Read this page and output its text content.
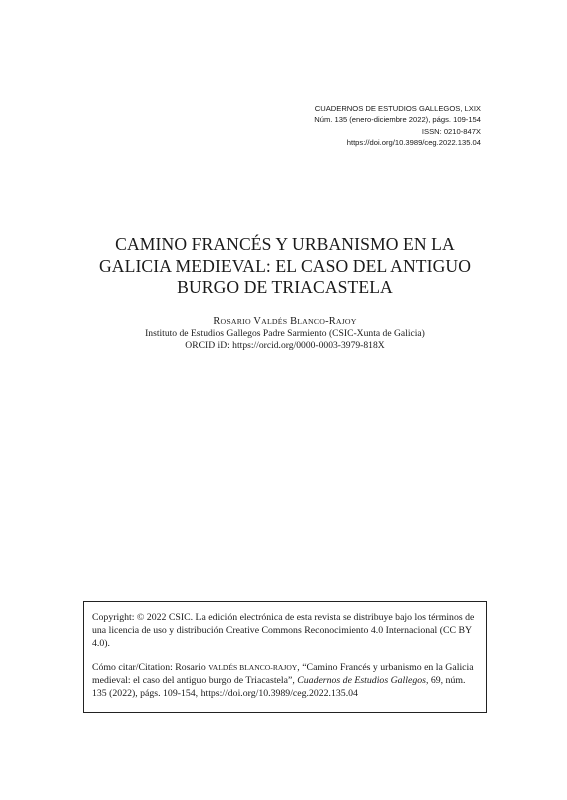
CUADERNOS DE ESTUDIOS GALLEGOS, LXIX
Núm. 135 (enero-diciembre 2022), págs. 109-154
ISSN: 0210-847X
https://doi.org/10.3989/ceg.2022.135.04
CAMINO FRANCÉS Y URBANISMO EN LA
GALICIA MEDIEVAL: EL CASO DEL ANTIGUO
BURGO DE TRIACASTELA
ROSARIO VALDÉS BLANCO-RAJOY
Instituto de Estudios Gallegos Padre Sarmiento (CSIC-Xunta de Galicia)
ORCID iD: https://orcid.org/0000-0003-3979-818X

Copyright: © 2022 CSIC. La edición electrónica de esta revista se distribuye bajo los términos de una licencia de uso y distribución Creative Commons Reconocimiento 4.0 Internacional (CC BY 4.0).

Cómo citar/Citation: Rosario VALDÉS BLANCO-RAJOY, “Camino Francés y urbanismo en la Galicia medieval: el caso del antiguo burgo de Triacastela”, Cuadernos de Estudios Gallegos, 69, núm. 135 (2022), págs. 109-154, https://doi.org/10.3989/ceg.2022.135.04
